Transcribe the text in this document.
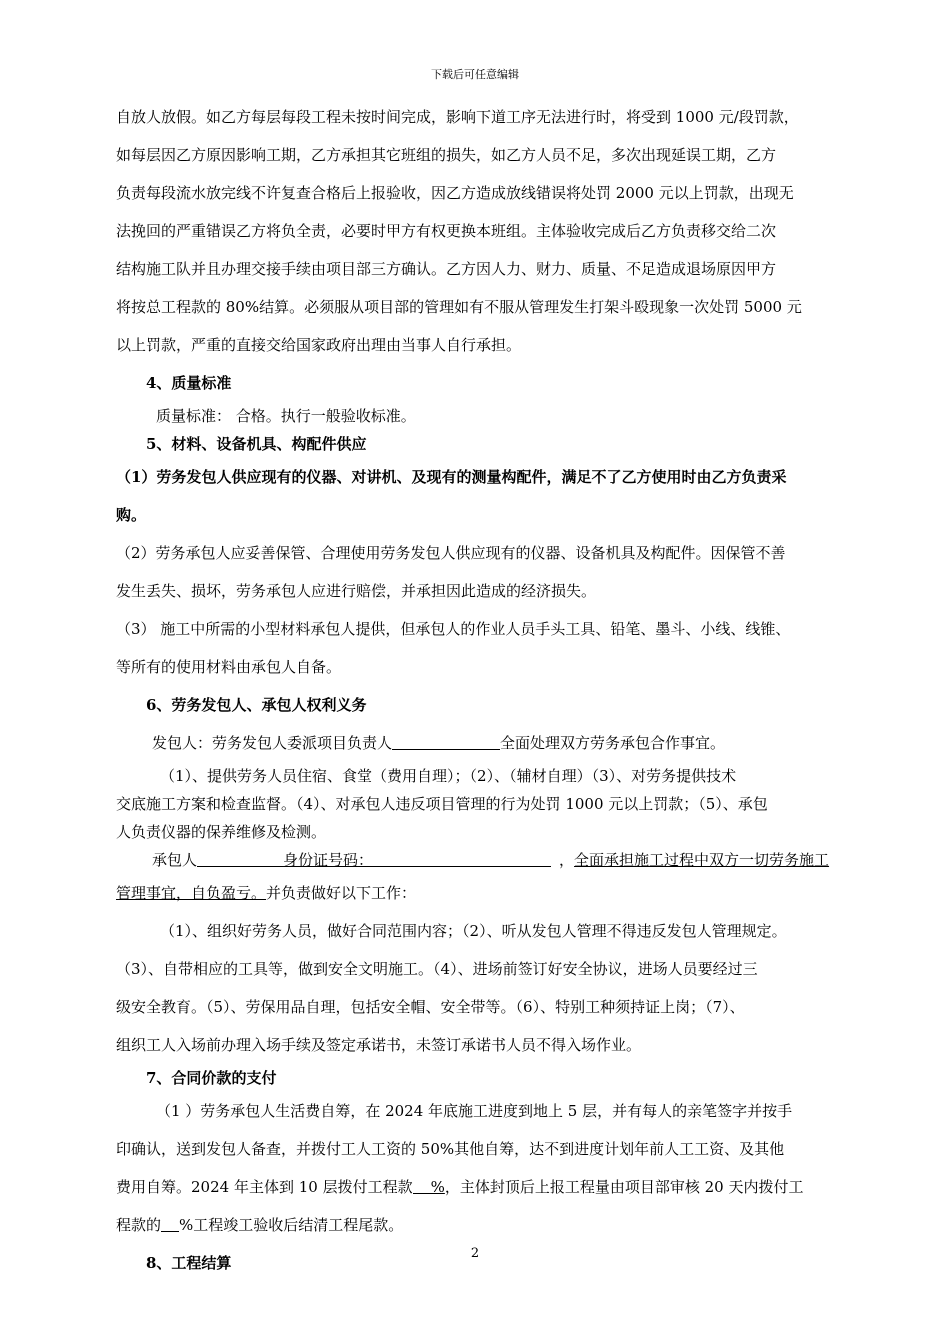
下载后可任意编辑

自放人放假。如乙方每层每段工程未按时间完成，影响下道工序无法进行时，将受到 1000 元/段罚款，

如每层因乙方原因影响工期，乙方承担其它班组的损失，如乙方人员不足，多次出现延误工期，乙方

负责每段流水放完线不许复查合格后上报验收，因乙方造成放线错误将处罚 2000 元以上罚款，出现无

法挽回的严重错误乙方将负全责，必要时甲方有权更换本班组。主体验收完成后乙方负责移交给二次

结构施工队并且办理交接手续由项目部三方确认。乙方因人力、财力、质量、不足造成退场原因甲方

将按总工程款的 80%结算。必须服从项目部的管理如有不服从管理发生打架斗殴现象一次处罚 5000 元

以上罚款，严重的直接交给国家政府出理由当事人自行承担。

4、质量标准

质量标准： 合格。执行一般验收标准。

5、材料、设备机具、构配件供应

（1）劳务发包人供应现有的仪器、对讲机、及现有的测量构配件，满足不了乙方使用时由乙方负责采

购。

（2）劳务承包人应妥善保管、合理使用劳务发包人供应现有的仪器、设备机具及构配件。因保管不善

发生丢失、损坏，劳务承包人应进行赔偿，并承担因此造成的经济损失。

（3） 施工中所需的小型材料承包人提供，但承包人的作业人员手头工具、铅笔、墨斗、小线、线锥、

等所有的使用材料由承包人自备。

6、劳务发包人、承包人权利义务

发包人：劳务发包人委派项目负责人	全面处理双方劳务承包合作事宜。

（1）、提供劳务人员住宿、食堂（费用自理）；（2）、（辅材自理）（3）、对劳务提供技术

交底施工方案和检查监督。（4）、对承包人违反项目管理的行为处罚 1000 元以上罚款；（5）、承包

人负责仪器的保养维修及检测。

承包人	身份证号码：	，全面承担施工过程中双方一切劳务施工

管理事宜，自负盈亏。并负责做好以下工作：

（1）、组织好劳务人员，做好合同范围内容；（2）、听从发包人管理不得违反发包人管理规定。

（3）、自带相应的工具等，做到安全文明施工。（4）、进场前签订好安全协议，进场人员要经过三

级安全教育。（5）、劳保用品自理，包括安全帽、安全带等。（6）、特别工种须持证上岗；（7）、

组织工人入场前办理入场手续及签定承诺书，未签订承诺书人员不得入场作业。

7、合同价款的支付

（1 ）劳务承包人生活费自筹，在 2024 年底施工进度到地上 5 层，并有每人的亲笔签字并按手

印确认，送到发包人备查，并拨付工人工资的 50%其他自筹，达不到进度计划年前人工工资、及其他

费用自筹。2024 年主体到 10 层拨付工程款 %，主体封顶后上报工程量由项目部审核 20 天内拨付工

程款的 %工程竣工验收后结清工程尾款。

8、工程结算

2
